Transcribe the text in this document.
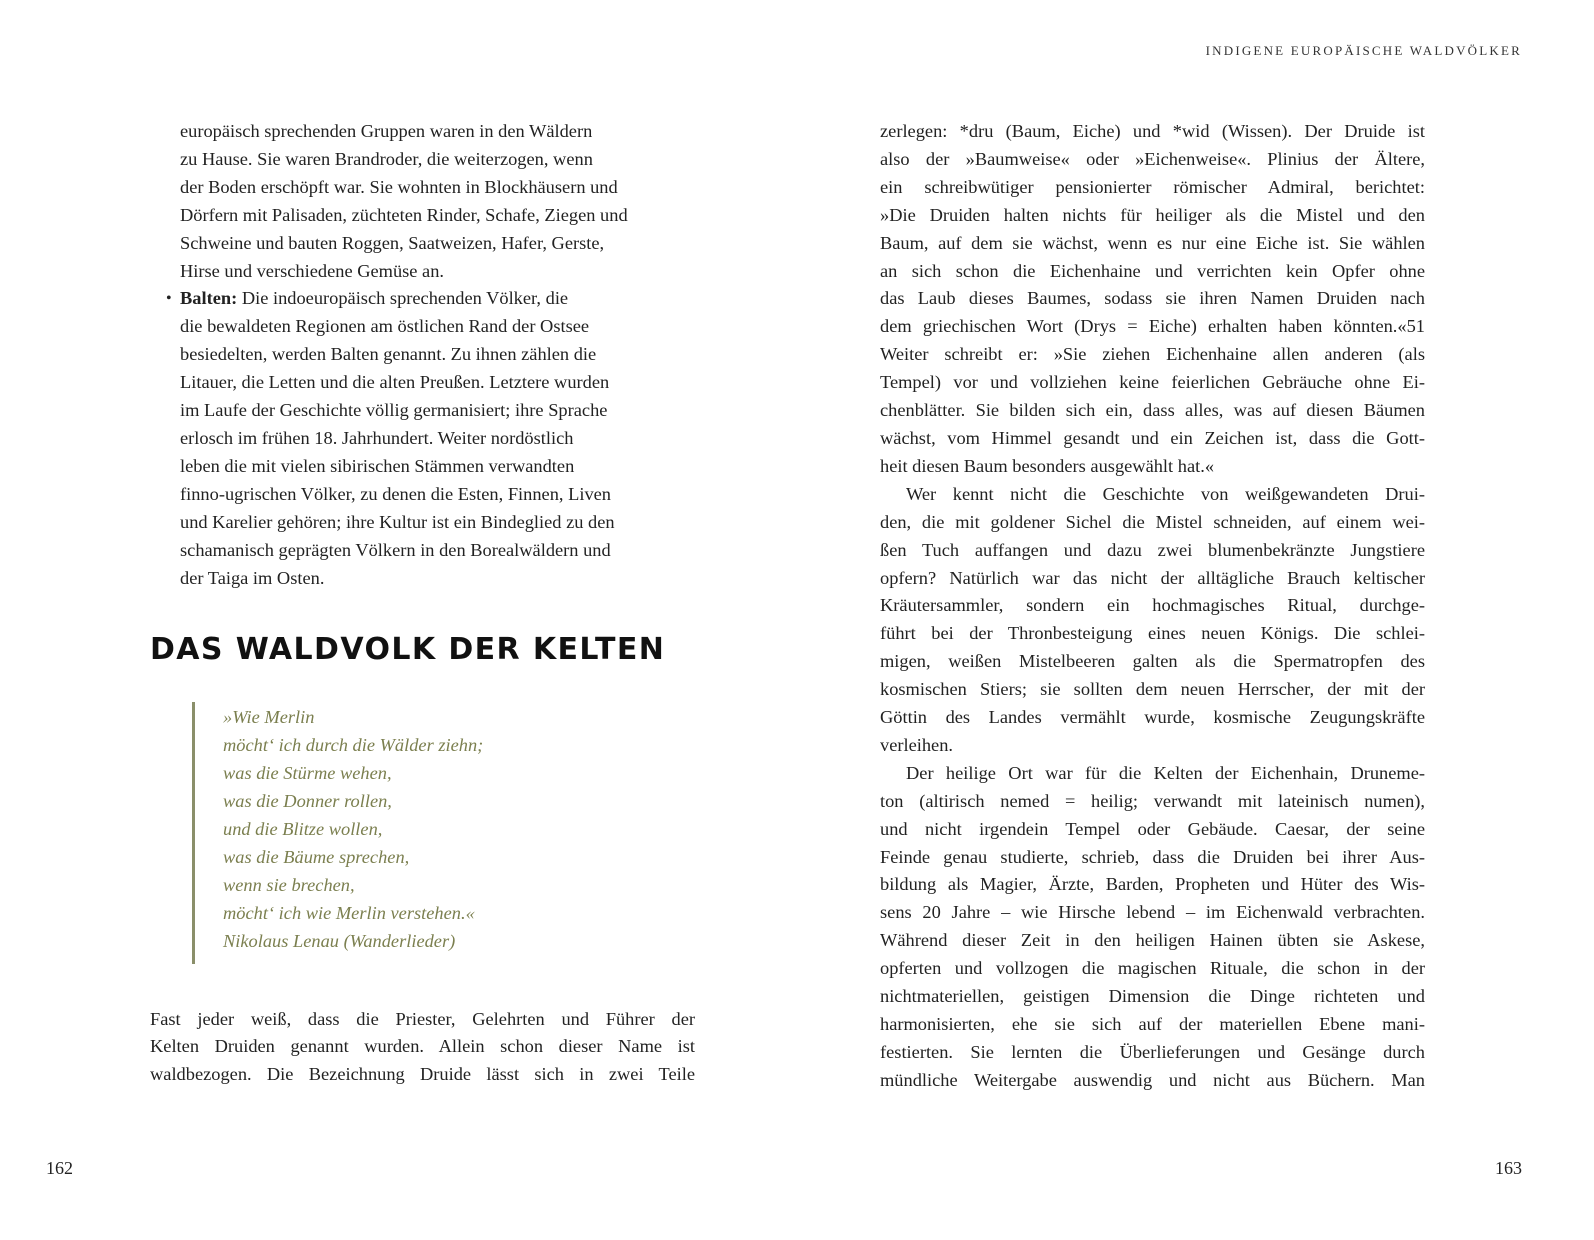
INDIGENE EUROPÄISCHE WALDVÖLKER
europäisch sprechenden Gruppen waren in den Wäldern
zu Hause. Sie waren Brandroder, die weiterzogen, wenn
der Boden erschöpft war. Sie wohnten in Blockhäusern und
Dörfern mit Palisaden, züchteten Rinder, Schafe, Ziegen und
Schweine und bauten Roggen, Saatweizen, Hafer, Gerste,
Hirse und verschiedene Gemüse an.
• Balten: Die indoeuropäisch sprechenden Völker, die
die bewaldeten Regionen am östlichen Rand der Ostsee
besiedelten, werden Balten genannt. Zu ihnen zählen die
Litauer, die Letten und die alten Preußen. Letztere wurden
im Laufe der Geschichte völlig germanisiert; ihre Sprache
erlosch im frühen 18. Jahrhundert. Weiter nordöstlich
leben die mit vielen sibirischen Stämmen verwandten
finno-ugrischen Völker, zu denen die Esten, Finnen, Liven
und Karelier gehören; ihre Kultur ist ein Bindeglied zu den
schamanisch geprägten Völkern in den Borealwäldern und
der Taiga im Osten.
DAS WALDVOLK DER KELTEN
»Wie Merlin
möcht‘ ich durch die Wälder ziehn;
was die Stürme wehen,
was die Donner rollen,
und die Blitze wollen,
was die Bäume sprechen,
wenn sie brechen,
möcht‘ ich wie Merlin verstehen.«
Nikolaus Lenau (Wanderlieder)
Fast jeder weiß, dass die Priester, Gelehrten und Führer der
Kelten Druiden genannt wurden. Allein schon dieser Name ist
waldbezogen. Die Bezeichnung Druide lässt sich in zwei Teile
zerlegen: *dru (Baum, Eiche) und *wid (Wissen). Der Druide ist
also der »Baumweise« oder »Eichenweise«. Plinius der Ältere,
ein schreibwütiger pensionierter römischer Admiral, berichtet:
»Die Druiden halten nichts für heiliger als die Mistel und den
Baum, auf dem sie wächst, wenn es nur eine Eiche ist. Sie wählen
an sich schon die Eichenhaine und verrichten kein Opfer ohne
das Laub dieses Baumes, sodass sie ihren Namen Druiden nach
dem griechischen Wort (Drys = Eiche) erhalten haben könnten.«51
Weiter schreibt er: »Sie ziehen Eichenhaine allen anderen (als
Tempel) vor und vollziehen keine feierlichen Gebräuche ohne Ei-
chenblätter. Sie bilden sich ein, dass alles, was auf diesen Bäumen
wächst, vom Himmel gesandt und ein Zeichen ist, dass die Gott-
heit diesen Baum besonders ausgewählt hat.«
Wer kennt nicht die Geschichte von weißgewandeten Drui-
den, die mit goldener Sichel die Mistel schneiden, auf einem wei-
ßen Tuch auffangen und dazu zwei blumenbekränzte Jungstiere
opfern? Natürlich war das nicht der alltägliche Brauch keltischer
Kräutersammler, sondern ein hochmagisches Ritual, durchge-
führt bei der Thronbesteigung eines neuen Königs. Die schlei-
migen, weißen Mistelbeeren galten als die Spermatropfen des
kosmischen Stiers; sie sollten dem neuen Herrscher, der mit der
Göttin des Landes vermählt wurde, kosmische Zeugungskräfte
verleihen.
Der heilige Ort war für die Kelten der Eichenhain, Druneme-
ton (altirisch nemed = heilig; verwandt mit lateinisch numen),
und nicht irgendein Tempel oder Gebäude. Caesar, der seine
Feinde genau studierte, schrieb, dass die Druiden bei ihrer Aus-
bildung als Magier, Ärzte, Barden, Propheten und Hüter des Wis-
sens 20 Jahre – wie Hirsche lebend – im Eichenwald verbrachten.
Während dieser Zeit in den heiligen Hainen übten sie Askese,
opferten und vollzogen die magischen Rituale, die schon in der
nichtmateriellen, geistigen Dimension die Dinge richteten und
harmonisierten, ehe sie sich auf der materiellen Ebene mani-
festierten. Sie lernten die Überlieferungen und Gesänge durch
mündliche Weitergabe auswendig und nicht aus Büchern. Man
162	163
